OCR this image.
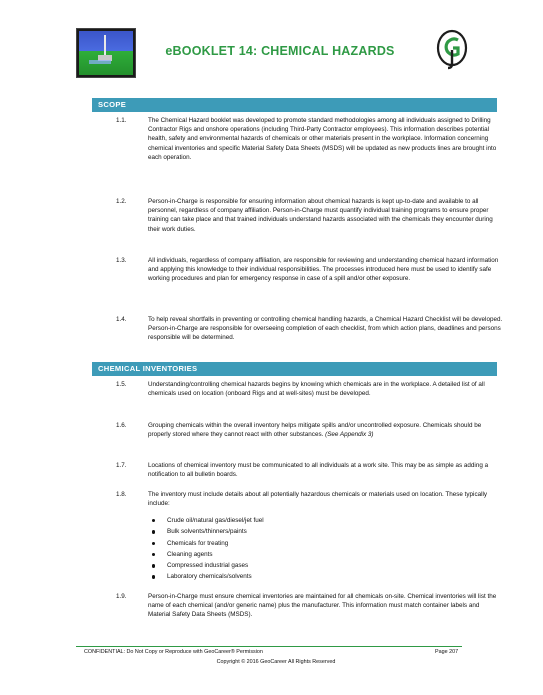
eBOOKLET 14: CHEMICAL HAZARDS
SCOPE
1.1.	The Chemical Hazard booklet was developed to promote standard methodologies among all individuals assigned to Drilling Contractor Rigs and onshore operations (including Third-Party Contractor employees). This information describes potential health, safety and environmental hazards of chemicals or other materials present in the workplace. Information concerning chemical inventories and specific Material Safety Data Sheets (MSDS) will be updated as new products lines are brought into each operation.
1.2.	Person-in-Charge is responsible for ensuring information about chemical hazards is kept up-to-date and available to all personnel, regardless of company affiliation. Person-in-Charge must quantify individual training programs to ensure proper training can take place and that trained individuals understand hazards associated with the chemicals they encounter during their work duties.
1.3.	All individuals, regardless of company affiliation, are responsible for reviewing and understanding chemical hazard information and applying this knowledge to their individual responsibilities. The processes introduced here must be used to identify safe working procedures and plan for emergency response in case of a spill and/or other exposure.
1.4.	To help reveal shortfalls in preventing or controlling chemical handling hazards, a Chemical Hazard Checklist will be developed. Person-in-Charge are responsible for overseeing completion of each checklist, from which action plans, deadlines and persons responsible will be determined.
CHEMICAL INVENTORIES
1.5.	Understanding/controlling chemical hazards begins by knowing which chemicals are in the workplace. A detailed list of all chemicals used on location (onboard Rigs and at well-sites) must be developed.
1.6.	Grouping chemicals within the overall inventory helps mitigate spills and/or uncontrolled exposure. Chemicals should be properly stored where they cannot react with other substances. (See Appendix 3)
1.7.	Locations of chemical inventory must be communicated to all individuals at a work site. This may be as simple as adding a notification to all bulletin boards.
1.8.	The inventory must include details about all potentially hazardous chemicals or materials used on location. These typically include:
Crude oil/natural gas/diesel/jet fuel
Bulk solvents/thinners/paints
Chemicals for treating
Cleaning agents
Compressed industrial gases
Laboratory chemicals/solvents
1.9.	Person-in-Charge must ensure chemical inventories are maintained for all chemicals on-site. Chemical inventories will list the name of each chemical (and/or generic name) plus the manufacturer. This information must match container labels and Material Safety Data Sheets (MSDS).
CONFIDENTIAL: Do Not Copy or Reproduce with GeoCareer® Permission	Page 207
Copyright © 2016 GeoCareer All Rights Reserved
